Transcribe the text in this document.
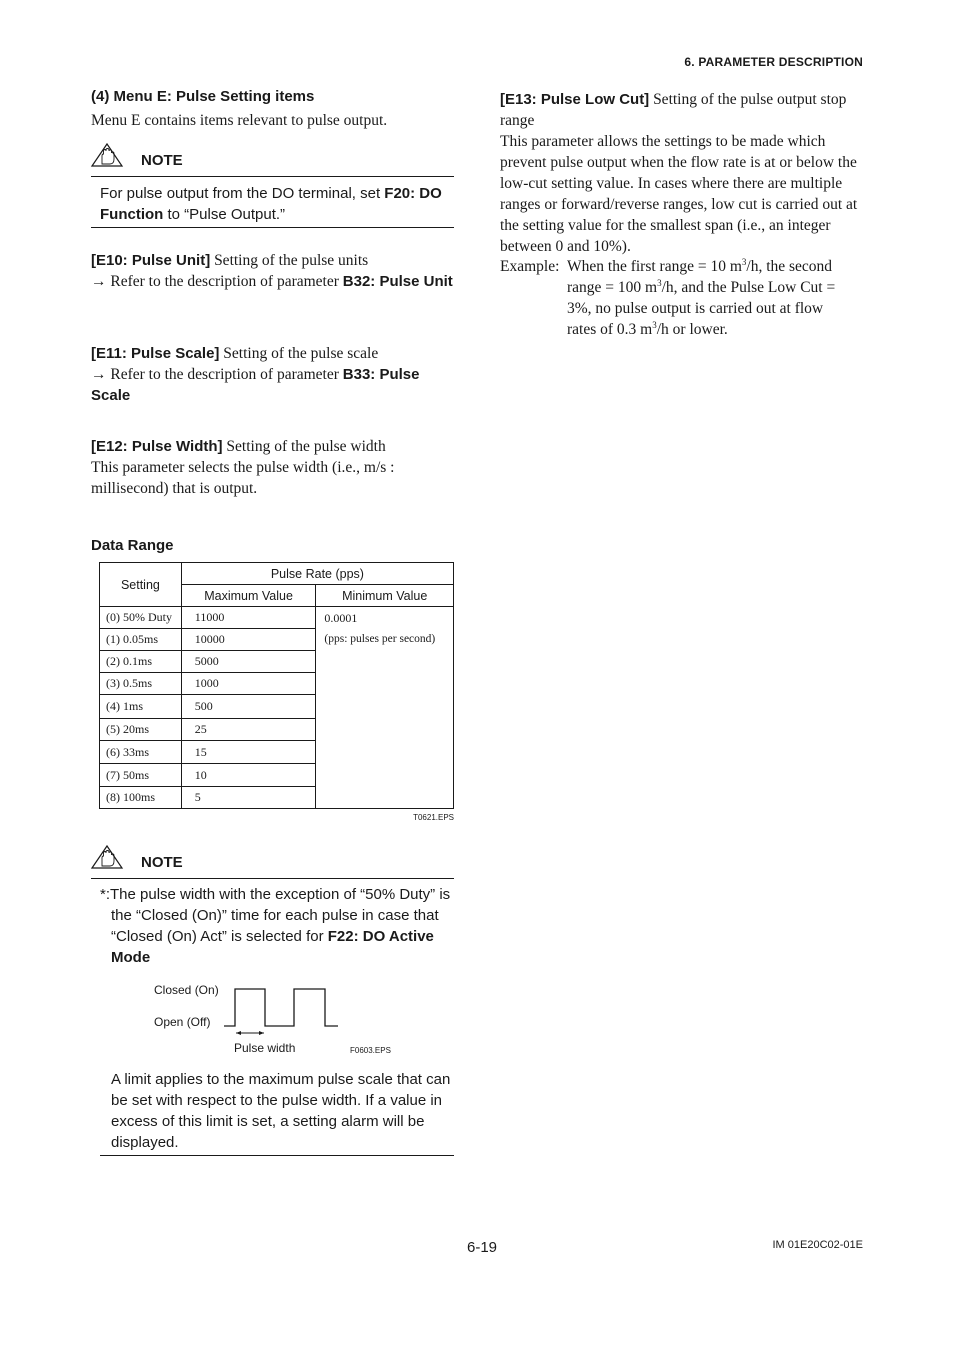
6. PARAMETER DESCRIPTION
(4) Menu E: Pulse Setting items
Menu E contains items relevant to pulse output.
NOTE
For pulse output from the DO terminal, set F20: DO Function to “Pulse Output.”
[E10: Pulse Unit] Setting of the pulse units
→ Refer to the description of parameter B32: Pulse Unit
[E11: Pulse Scale] Setting of the pulse scale
→ Refer to the description of parameter B33: Pulse Scale
[E12: Pulse Width] Setting of the pulse width
This parameter selects the pulse width (i.e., m/s : millisecond) that is output.
Data Range
Setting	Pulse Rate (pps)	
	Maximum Value	Minimum Value
(0) 50% Duty	11000	0.0001
(pps: pulses per second)

(1) 0.05ms	10000	
(2) 0.1ms	5000	
(3) 0.5ms	1000	
(4) 1ms	500	
(5) 20ms	25	
(6) 33ms	15	
(7) 50ms	10	
(8) 100ms	5	
T0621.EPS
NOTE
*:The pulse width with the exception of “50% Duty” is the “Closed (On)” time for each pulse in case that “Closed (On) Act” is selected for F22: DO Active Mode
Closed (On)
Open (Off)
Pulse width	F0603.EPS
A limit applies to the maximum pulse scale that can be set with respect to the pulse width. If a value in excess of this limit is set, a setting alarm will be displayed.
[E13: Pulse Low Cut] Setting of the pulse output stop range
This parameter allows the settings to be made which prevent pulse output when the flow rate is at or below the low-cut setting value. In cases where there are multiple ranges or forward/reverse ranges, low cut is carried out at the setting value for the smallest span (i.e., an integer between 0 and 10%).
Example: When the first range = 10 $m^3/h$, the second
range = 100 $m^3/h$, and the Pulse Low Cut =
3%, no pulse output is carried out at flow
rates of 0.3 $m^3/h$ or lower.
6-19	IM 01E20C02-01E
